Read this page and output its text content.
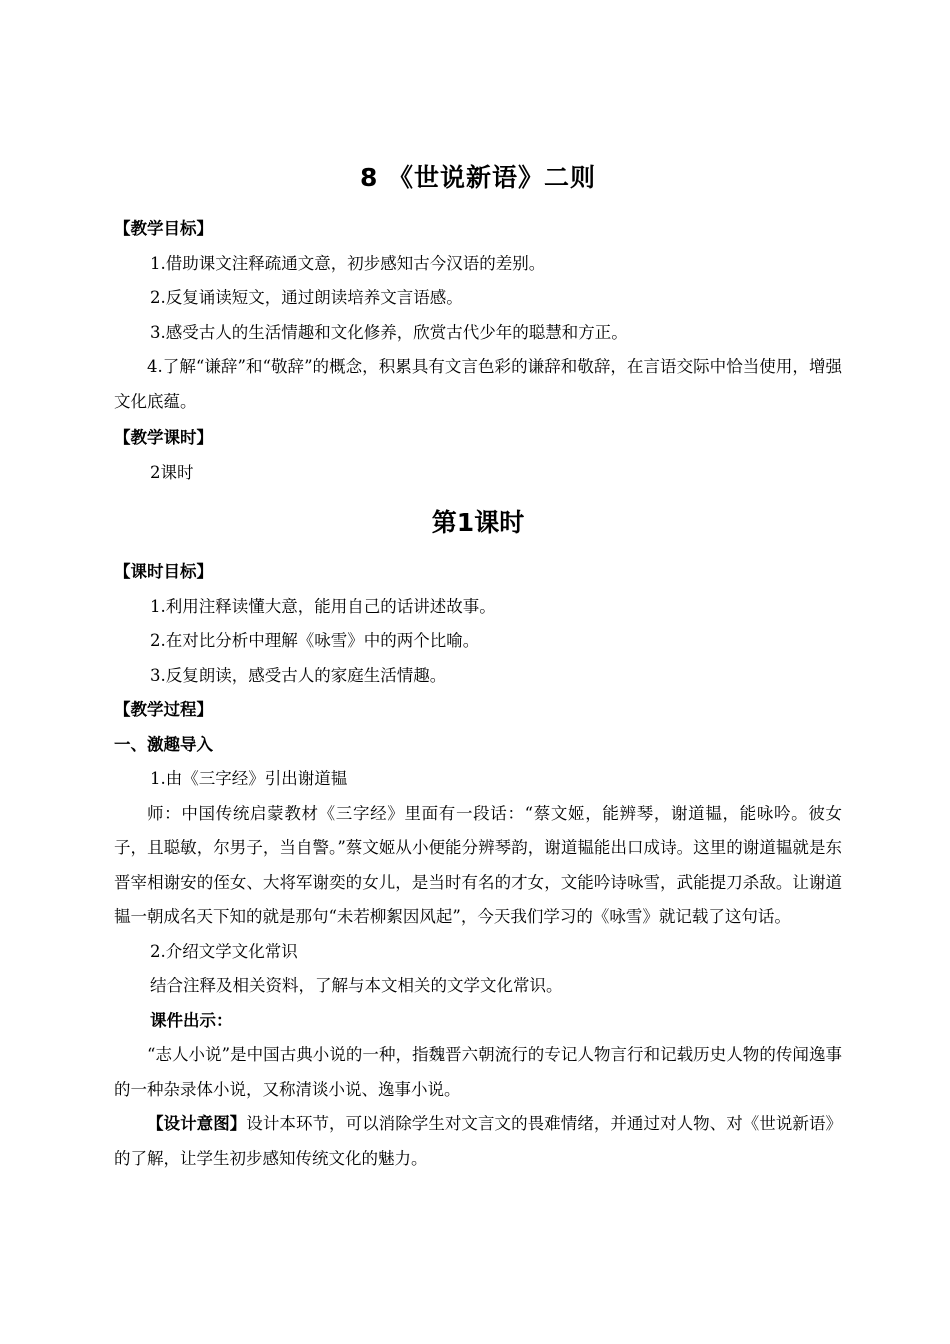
8 《世说新语》二则
【教学目标】
1.借助课文注释疏通文意，初步感知古今汉语的差别。
2.反复诵读短文，通过朗读培养文言语感。
3.感受古人的生活情趣和文化修养，欣赏古代少年的聪慧和方正。
4.了解“谦辞”和“敬辞”的概念，积累具有文言色彩的谦辞和敬辞，在言语交际中恰当使用，增强文化底蕴。
【教学课时】
2课时
第1课时
【课时目标】
1.利用注释读懂大意，能用自己的话讲述故事。
2.在对比分析中理解《咏雪》中的两个比喻。
3.反复朗读，感受古人的家庭生活情趣。
【教学过程】
一、激趣导入
1.由《三字经》引出谢道韫
师：中国传统启蒙教材《三字经》里面有一段话：“蔡文姬，能辨琴，谢道韫，能咏吟。彼女子，且聪敏，尔男子，当自警。”蔡文姬从小便能分辨琴韵，谢道韫能出口成诗。这里的谢道韫就是东晋宰相谢安的侄女、大将军谢奕的女儿，是当时有名的才女，文能吟诗咏雪，武能提刀杀敌。让谢道韫一朝成名天下知的就是那句“未若柳絮因风起”，今天我们学习的《咏雪》就记载了这句话。
2.介绍文学文化常识
结合注释及相关资料，了解与本文相关的文学文化常识。
课件出示：
“志人小说”是中国古典小说的一种，指魏晋六朝流行的专记人物言行和记载历史人物的传闻逸事的一种杂录体小说，又称清谈小说、逸事小说。
【设计意图】设计本环节，可以消除学生对文言文的畏难情绪，并通过对人物、对《世说新语》的了解，让学生初步感知传统文化的魅力。
